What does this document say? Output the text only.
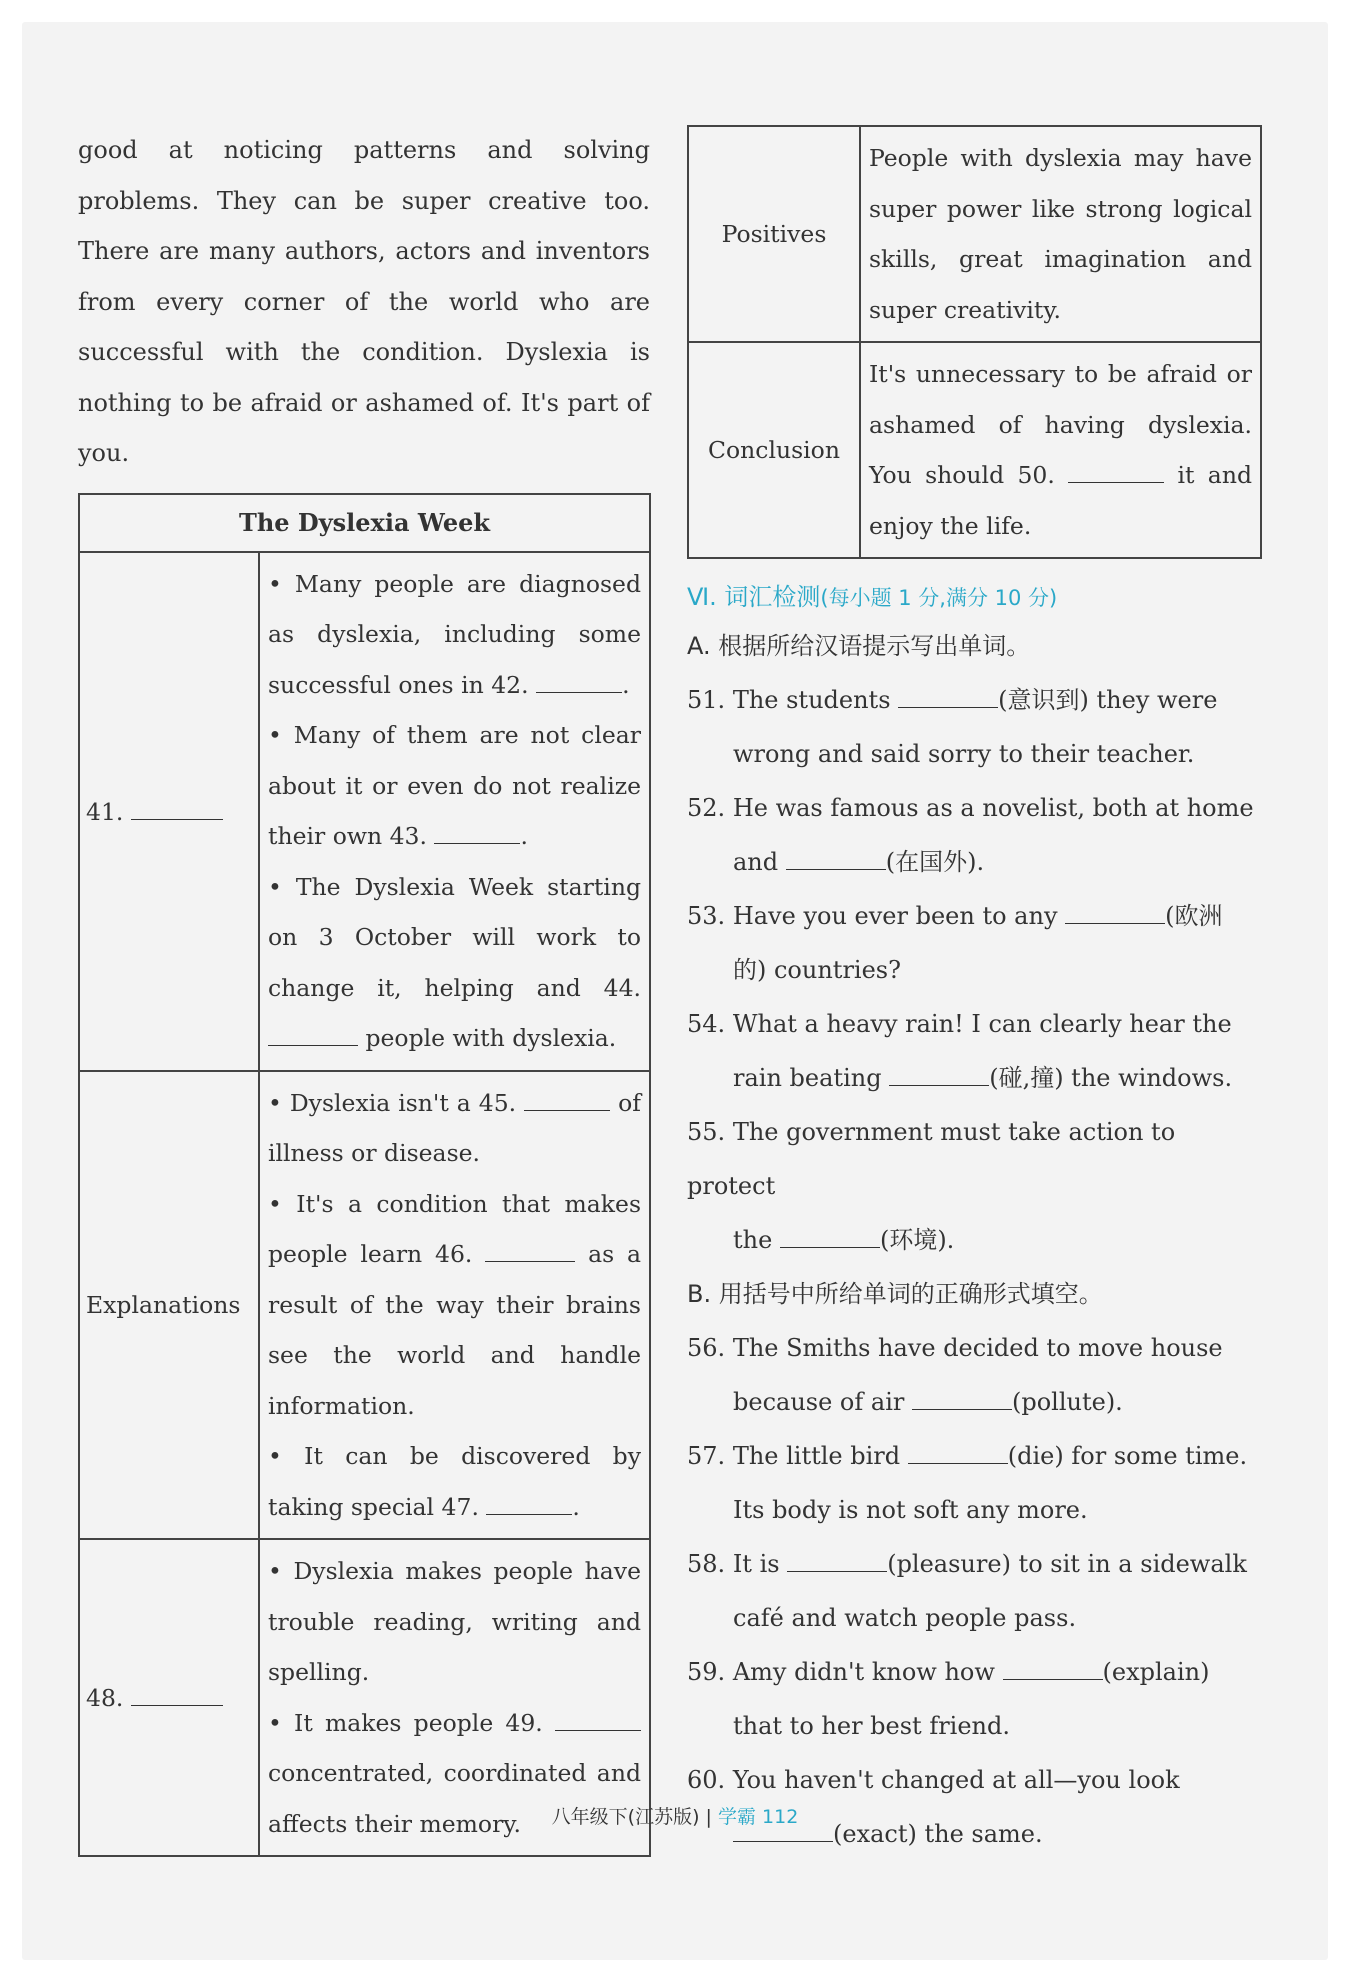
good at noticing patterns and solving problems. They can be super creative too. There are many authors, actors and inventors from every corner of the world who are successful with the condition. Dyslexia is nothing to be afraid or ashamed of. It's part of you.

The Dyslexia Week	
41.	• Many people are diagnosed as dyslexia, including some successful ones in 42. .
• Many of them are not clear about it or even do not realize their own 43. .
• The Dyslexia Week starting on 3 October will work to change it, helping and 44.  people with dyslexia.

Explanations	• Dyslexia isn't a 45. of illness or disease.
• It's a condition that makes people learn 46. as a result of the way their brains see the world and handle information.
• It can be discovered by taking special 47. .

48.	• Dyslexia makes people have trouble reading, writing and spelling.
• It makes people 49.  concentrated, coordinated and affects their memory.
Positives	People with dyslexia may have super power like strong logical skills, great imagination and super creativity.
Conclusion	It's unnecessary to be afraid or ashamed of having dyslexia. You should 50. it and enjoy the life.
Ⅵ. 词汇检测(每小题 1 分,满分 10 分)

A. 根据所给汉语提示写出单词。

51. The students	(意识到) they were
wrong and said sorry to their teacher.
52. He was famous as a novelist, both at home
and	(在国外).
53. Have you ever been to any	(欧洲
的) countries?
54. What a heavy rain! I can clearly hear the
rain beating	(碰,撞) the windows.
55. The government must take action to protect
the	(环境).

B. 用括号中所给单词的正确形式填空。

56. The Smiths have decided to move house
because of air	(pollute).
57. The little bird	(die) for some time.
Its body is not soft any more.
58. It is	(pleasure) to sit in a sidewalk
café and watch people pass.
59. Amy didn't know how	(explain)
that to her best friend.
60. You haven't changed at all—you look
(exact) the same.
八年级下(江苏版) | 学霸 112
